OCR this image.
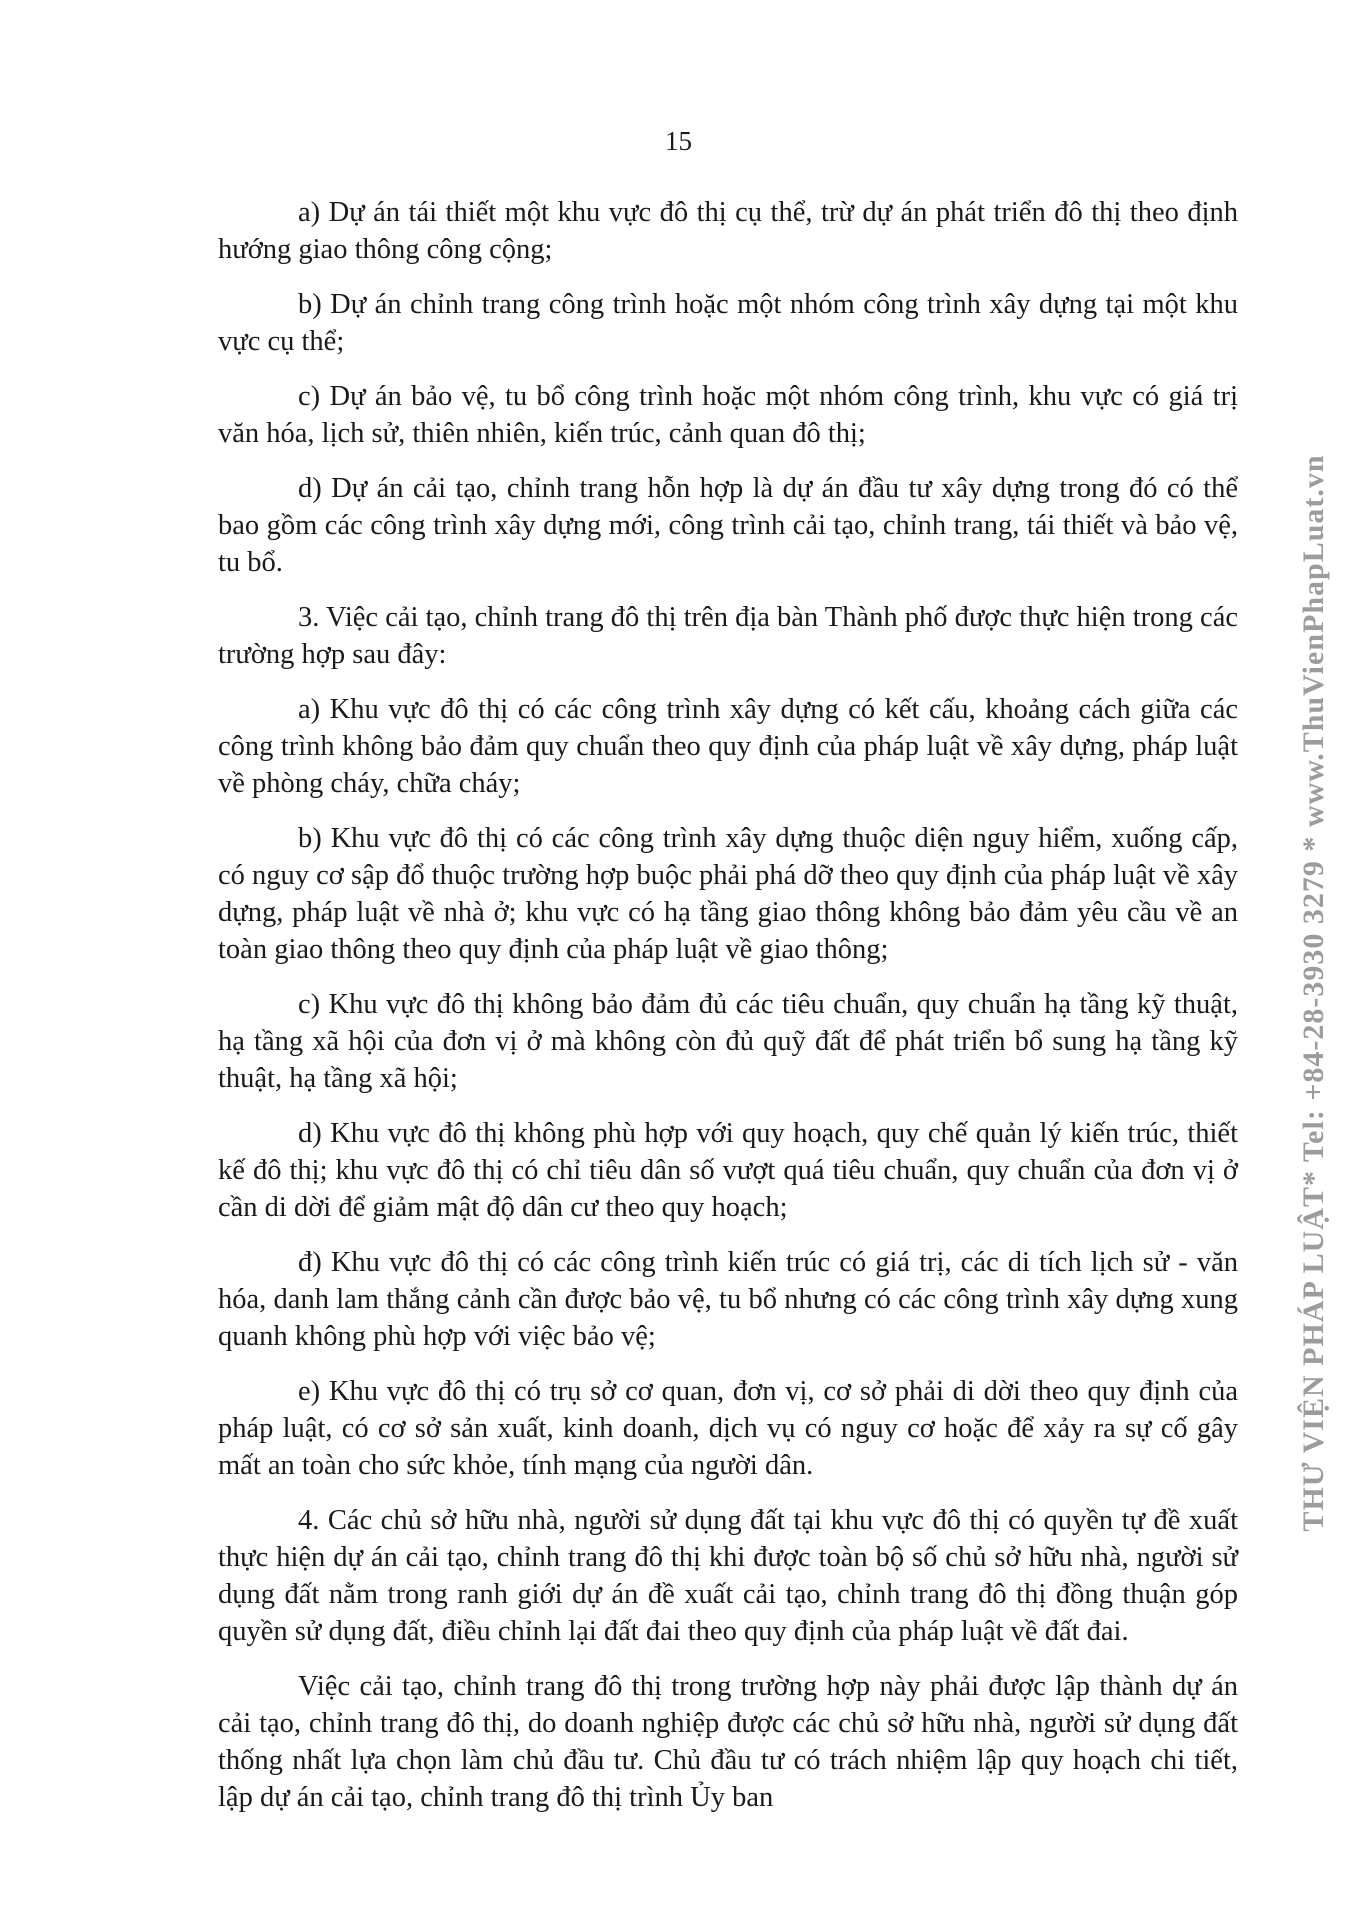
15

a) Dự án tái thiết một khu vực đô thị cụ thể, trừ dự án phát triển đô thị theo định hướng giao thông công cộng;

b) Dự án chỉnh trang công trình hoặc một nhóm công trình xây dựng tại một khu vực cụ thể;

c) Dự án bảo vệ, tu bổ công trình hoặc một nhóm công trình, khu vực có giá trị văn hóa, lịch sử, thiên nhiên, kiến trúc, cảnh quan đô thị;

d) Dự án cải tạo, chỉnh trang hỗn hợp là dự án đầu tư xây dựng trong đó có thể bao gồm các công trình xây dựng mới, công trình cải tạo, chỉnh trang, tái thiết và bảo vệ, tu bổ.

3. Việc cải tạo, chỉnh trang đô thị trên địa bàn Thành phố được thực hiện trong các trường hợp sau đây:

a) Khu vực đô thị có các công trình xây dựng có kết cấu, khoảng cách giữa các công trình không bảo đảm quy chuẩn theo quy định của pháp luật về xây dựng, pháp luật về phòng cháy, chữa cháy;

b) Khu vực đô thị có các công trình xây dựng thuộc diện nguy hiểm, xuống cấp, có nguy cơ sập đổ thuộc trường hợp buộc phải phá dỡ theo quy định của pháp luật về xây dựng, pháp luật về nhà ở; khu vực có hạ tầng giao thông không bảo đảm yêu cầu về an toàn giao thông theo quy định của pháp luật về giao thông;

c) Khu vực đô thị không bảo đảm đủ các tiêu chuẩn, quy chuẩn hạ tầng kỹ thuật, hạ tầng xã hội của đơn vị ở mà không còn đủ quỹ đất để phát triển bổ sung hạ tầng kỹ thuật, hạ tầng xã hội;

d) Khu vực đô thị không phù hợp với quy hoạch, quy chế quản lý kiến trúc, thiết kế đô thị; khu vực đô thị có chỉ tiêu dân số vượt quá tiêu chuẩn, quy chuẩn của đơn vị ở cần di dời để giảm mật độ dân cư theo quy hoạch;

đ) Khu vực đô thị có các công trình kiến trúc có giá trị, các di tích lịch sử - văn hóa, danh lam thắng cảnh cần được bảo vệ, tu bổ nhưng có các công trình xây dựng xung quanh không phù hợp với việc bảo vệ;

e) Khu vực đô thị có trụ sở cơ quan, đơn vị, cơ sở phải di dời theo quy định của pháp luật, có cơ sở sản xuất, kinh doanh, dịch vụ có nguy cơ hoặc để xảy ra sự cố gây mất an toàn cho sức khỏe, tính mạng của người dân.

4. Các chủ sở hữu nhà, người sử dụng đất tại khu vực đô thị có quyền tự đề xuất thực hiện dự án cải tạo, chỉnh trang đô thị khi được toàn bộ số chủ sở hữu nhà, người sử dụng đất nằm trong ranh giới dự án đề xuất cải tạo, chỉnh trang đô thị đồng thuận góp quyền sử dụng đất, điều chỉnh lại đất đai theo quy định của pháp luật về đất đai.

Việc cải tạo, chỉnh trang đô thị trong trường hợp này phải được lập thành dự án cải tạo, chỉnh trang đô thị, do doanh nghiệp được các chủ sở hữu nhà, người sử dụng đất thống nhất lựa chọn làm chủ đầu tư. Chủ đầu tư có trách nhiệm lập quy hoạch chi tiết, lập dự án cải tạo, chỉnh trang đô thị trình Ủy ban

THƯ VIỆN PHÁP LUẬT* Tel: +84-28-3930 3279 * www.ThuVienPhapLuat.vn
